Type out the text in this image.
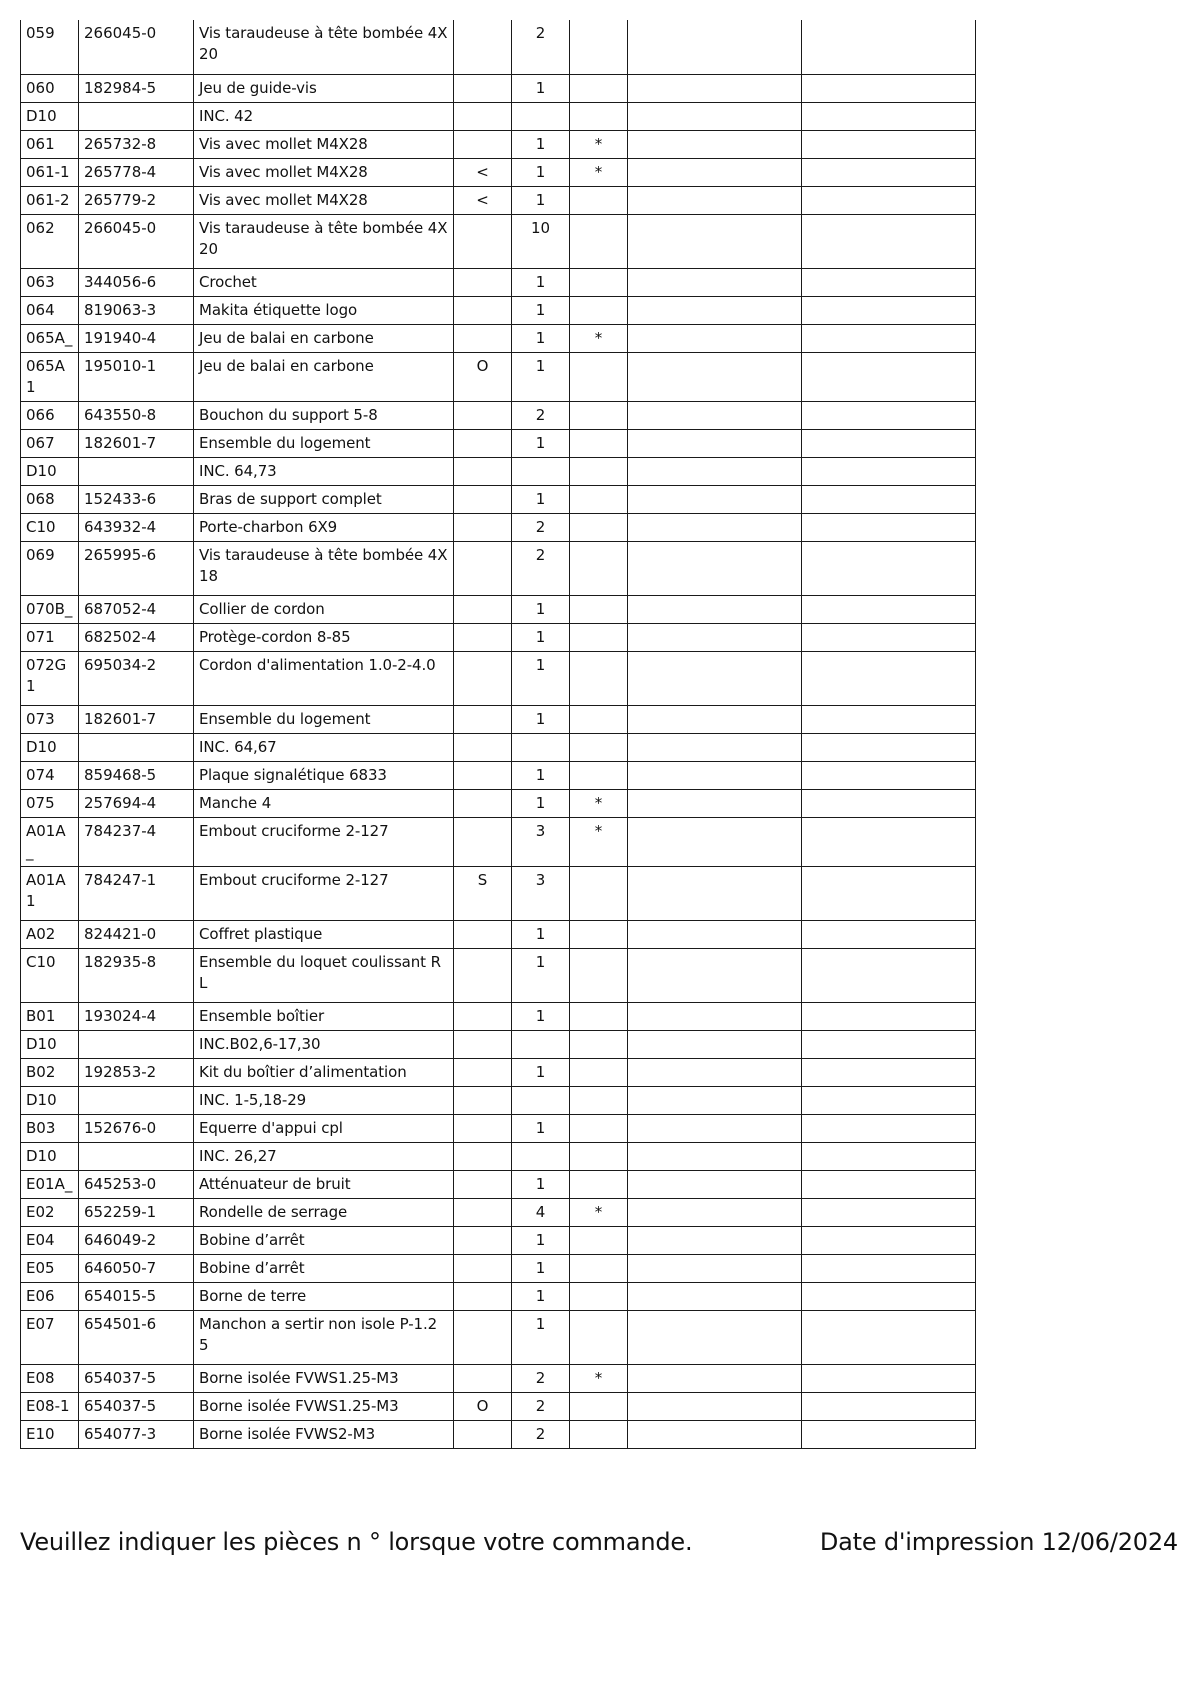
059	266045-0	Vis taraudeuse à tête bombée 4X 20		2			
060	182984-5	Jeu de guide-vis		1			
D10		INC. 42					
061	265732-8	Vis avec mollet M4X28		1	*		
061-1	265778-4	Vis avec mollet M4X28	<	1	*		
061-2	265779-2	Vis avec mollet M4X28	<	1			
062	266045-0	Vis taraudeuse à tête bombée 4X 20		10			
063	344056-6	Crochet		1			
064	819063-3	Makita étiquette logo		1			
065A_	191940-4	Jeu de balai en carbone		1	*		
065A1	195010-1	Jeu de balai en carbone	O	1			
066	643550-8	Bouchon du support 5-8		2			
067	182601-7	Ensemble du logement		1			
D10		INC. 64,73					
068	152433-6	Bras de support complet		1			
C10	643932-4	Porte-charbon 6X9		2			
069	265995-6	Vis taraudeuse à tête bombée 4X 18		2			
070B_	687052-4	Collier de cordon		1			
071	682502-4	Protège-cordon 8-85		1			
072G1	695034-2	Cordon d'alimentation 1.0-2-4.0		1			
073	182601-7	Ensemble du logement		1			
D10		INC. 64,67					
074	859468-5	Plaque signalétique 6833		1			
075	257694-4	Manche 4		1	*		
A01A_	784237-4	Embout cruciforme 2-127		3	*		
A01A1	784247-1	Embout cruciforme 2-127	S	3			
A02	824421-0	Coffret plastique		1			
C10	182935-8	Ensemble du loquet coulissant R L		1			
B01	193024-4	Ensemble boîtier		1			
D10		INC.B02,6-17,30					
B02	192853-2	Kit du boîtier d’alimentation		1			
D10		INC. 1-5,18-29					
B03	152676-0	Equerre d'appui cpl		1			
D10		INC. 26,27					
E01A_	645253-0	Atténuateur de bruit		1			
E02	652259-1	Rondelle de serrage		4	*		
E04	646049-2	Bobine d’arrêt		1			
E05	646050-7	Bobine d’arrêt		1			
E06	654015-5	Borne de terre		1			
E07	654501-6	Manchon a sertir non isole P-1.2 5		1			
E08	654037-5	Borne isolée FVWS1.25-M3		2	*		
E08-1	654037-5	Borne isolée FVWS1.25-M3	O	2			
E10	654077-3	Borne isolée FVWS2-M3		2			
Veuillez indiquer les pièces n ° lorsque votre commande.	Date d'impression 12/06/2024
